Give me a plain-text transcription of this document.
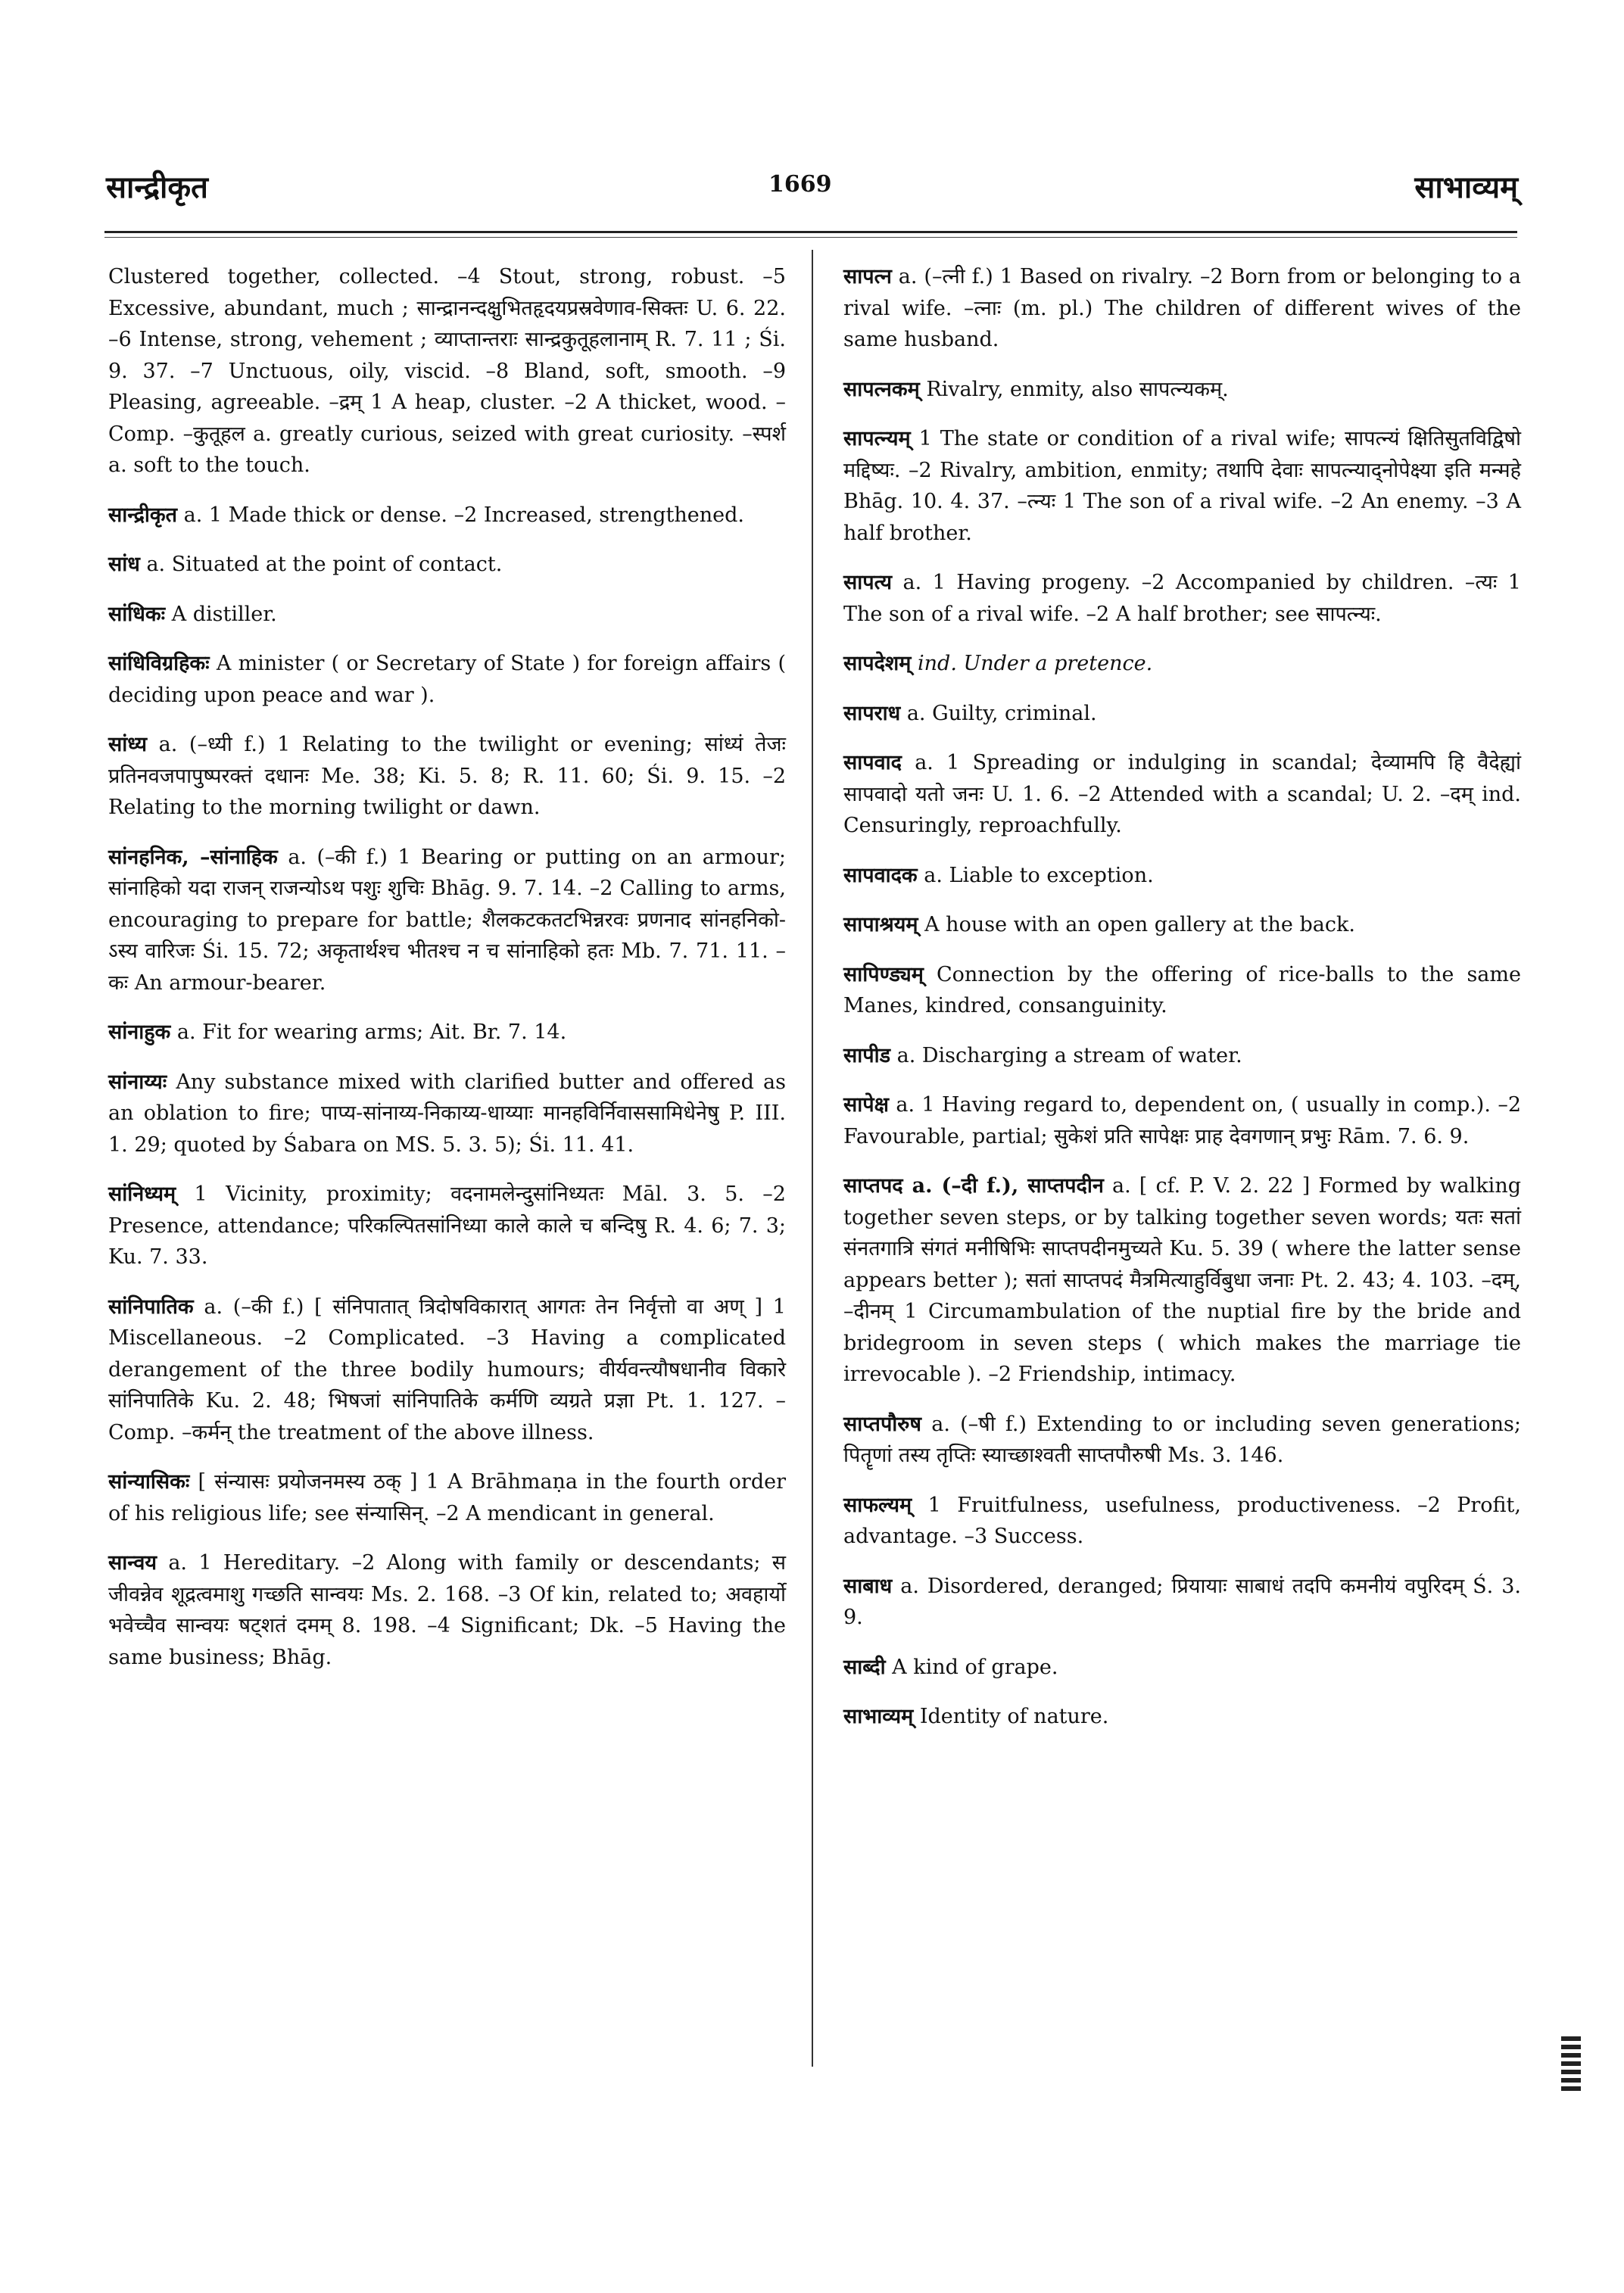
सान्द्रीकृत	1669	साभाव्यम्

Clustered together, collected. –4 Stout, strong, robust. –5 Excessive, abundant, much ; सान्द्रानन्दक्षुभितहृदयप्रस्रवेणाव-सिक्तः U. 6. 22. –6 Intense, strong, vehement ; व्याप्तान्तराः सान्द्रकुतूहलानाम् R. 7. 11 ; Śi. 9. 37. –7 Unctuous, oily, viscid. –8 Bland, soft, smooth. –9 Pleasing, agreeable. –द्रम् 1 A heap, cluster. –2 A thicket, wood. –Comp. –कुतूहल a. greatly curious, seized with great curiosity. –स्पर्श a. soft to the touch.

सान्द्रीकृत a. 1 Made thick or dense. –2 Increased, strengthened.

सांध a. Situated at the point of contact.

सांधिकः A distiller.

सांधिविग्रहिकः A minister ( or Secretary of State ) for foreign affairs ( deciding upon peace and war ).

सांध्य a. (–ध्यी f.) 1 Relating to the twilight or evening; सांध्यं तेजः प्रतिनवजपापुष्परक्तं दधानः Me. 38; Ki. 5. 8; R. 11. 60; Śi. 9. 15. –2 Relating to the morning twilight or dawn.

सांनहनिक, –सांनाहिक a. (–की f.) 1 Bearing or putting on an armour; सांनाहिको यदा राजन् राजन्योऽथ पशुः शुचिः Bhāg. 9. 7. 14. –2 Calling to arms, encouraging to prepare for battle; शैलकटकतटभिन्नरवः प्रणनाद सांनहनिको-ऽस्य वारिजः Śi. 15. 72; अकृतार्थश्च भीतश्च न च सांनाहिको हतः Mb. 7. 71. 11. –कः An armour-bearer.

सांनाहुक a. Fit for wearing arms; Ait. Br. 7. 14.

सांनाय्यः Any substance mixed with clarified butter and offered as an oblation to fire; पाप्य-सांनाय्य-निकाय्य-धाय्याः मानहविर्निवाससामिधेनेषु P. III. 1. 29; quoted by Śabara on MS. 5. 3. 5); Śi. 11. 41.

सांनिध्यम् 1 Vicinity, proximity; वदनामलेन्दुसांनिध्यतः Māl. 3. 5. –2 Presence, attendance; परिकल्पितसांनिध्या काले काले च बन्दिषु R. 4. 6; 7. 3; Ku. 7. 33.

सांनिपातिक a. (–की f.) [ संनिपातात् त्रिदोषविकारात् आगतः तेन निर्वृत्तो वा अण् ] 1 Miscellaneous. –2 Complicated. –3 Having a complicated derangement of the three bodily humours; वीर्यवन्त्यौषधानीव विकारे सांनिपातिके Ku. 2. 48; भिषजां सांनिपातिके कर्मणि व्यग्रते प्रज्ञा Pt. 1. 127. –Comp. –कर्मन् the treatment of the above illness.

सांन्यासिकः [ संन्यासः प्रयोजनमस्य ठक् ] 1 A Brāhmaṇa in the fourth order of his religious life; see संन्यासिन्. –2 A mendicant in general.

सान्वय a. 1 Hereditary. –2 Along with family or descendants; स जीवन्नेव शूद्रत्वमाशु गच्छति सान्वयः Ms. 2. 168. –3 Of kin, related to; अवहार्यो भवेच्चैव सान्वयः षट्शतं दमम् 8. 198. –4 Significant; Dk. –5 Having the same business; Bhāg.

सापत्न a. (–त्नी f.) 1 Based on rivalry. –2 Born from or belonging to a rival wife. –त्नाः (m. pl.) The children of different wives of the same husband.

सापत्नकम् Rivalry, enmity, also सापत्न्यकम्.

सापत्न्यम् 1 The state or condition of a rival wife; सापत्न्यं क्षितिसुतविद्विषो मद्दिष्यः. –2 Rivalry, ambition, enmity; तथापि देवाः सापत्न्याद्नोपेक्ष्या इति मन्महे Bhāg. 10. 4. 37. –त्न्यः 1 The son of a rival wife. –2 An enemy. –3 A half brother.

सापत्य a. 1 Having progeny. –2 Accompanied by children. –त्यः 1 The son of a rival wife. –2 A half brother; see सापत्न्यः.

सापदेशम् ind. Under a pretence.

सापराध a. Guilty, criminal.

सापवाद a. 1 Spreading or indulging in scandal; देव्यामपि हि वैदेह्यां सापवादो यतो जनः U. 1. 6. –2 Attended with a scandal; U. 2. –दम् ind. Censuringly, reproachfully.

सापवादक a. Liable to exception.

सापाश्रयम् A house with an open gallery at the back.

सापिण्ड्यम् Connection by the offering of rice-balls to the same Manes, kindred, consanguinity.

सापीड a. Discharging a stream of water.

सापेक्ष a. 1 Having regard to, dependent on, ( usually in comp.). –2 Favourable, partial; सुकेशं प्रति सापेक्षः प्राह देवगणान् प्रभुः Rām. 7. 6. 9.

साप्तपद a. (–दी f.), साप्तपदीन a. [ cf. P. V. 2. 22 ] Formed by walking together seven steps, or by talking together seven words; यतः सतां संनतगात्रि संगतं मनीषिभिः साप्तपदीनमुच्यते Ku. 5. 39 ( where the latter sense appears better ); सतां साप्तपदं मैत्रमित्याहुर्विबुधा जनाः Pt. 2. 43; 4. 103. –दम्, –दीनम् 1 Circumambulation of the nuptial fire by the bride and bridegroom in seven steps ( which makes the marriage tie irrevocable ). –2 Friendship, intimacy.

साप्तपौरुष a. (–षी f.) Extending to or including seven generations; पितॄणां तस्य तृप्तिः स्याच्छाश्वती साप्तपौरुषी Ms. 3. 146.

साफल्यम् 1 Fruitfulness, usefulness, productiveness. –2 Profit, advantage. –3 Success.

साबाध a. Disordered, deranged; प्रियायाः साबाधं तदपि कमनीयं वपुरिदम् Ś. 3. 9.

साब्दी A kind of grape.

साभाव्यम् Identity of nature.
